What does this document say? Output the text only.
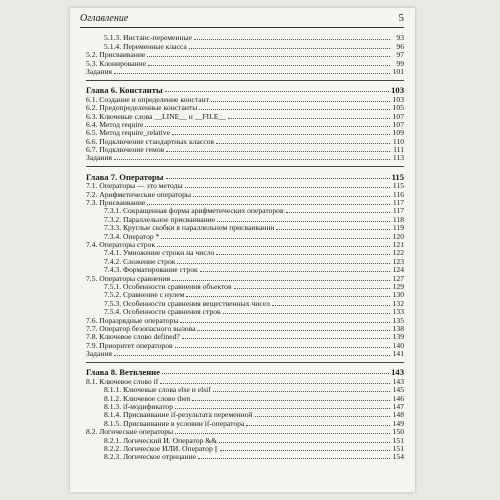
Оглавление	5
5.1.3. Инстанс-переменные	93
5.1.4. Переменные класса	96
5.2. Присваивание	97
5.3. Клонирование	99
Задания	101
Глава 6. Константы	103
6.1. Создание и определение констант	103
6.2. Предопределенные константы	105
6.3. Ключевые слова __LINE__ и __FILE__	107
6.4. Метод require	107
6.5. Метод require_relative	109
6.6. Подключение стандартных классов	110
6.7. Подключение гемов	111
Задания	113
Глава 7. Операторы	115
7.1. Операторы — это методы	115
7.2. Арифметические операторы	116
7.3. Присваивание	117
7.3.1. Сокращенная форма арифметических операторов	117
7.3.2. Параллельное присваивание	118
7.3.3. Круглые скобки в параллельном присваивании	119
7.3.4. Оператор *	120
7.4. Операторы строк	121
7.4.1. Умножение строки на число	122
7.4.2. Сложение строк	123
7.4.3. Форматирование строк	124
7.5. Операторы сравнения	127
7.5.1. Особенности сравнения объектов	129
7.5.2. Сравнение с нулем	130
7.5.3. Особенности сравнения вещественных чисел	132
7.5.4. Особенности сравнения строк	133
7.6. Поразрядные операторы	135
7.7. Оператор безопасного вызова	138
7.8. Ключевое слово defined?	139
7.9. Приоритет операторов	140
Задания	141
Глава 8. Ветвление	143
8.1. Ключевое слово if	143
8.1.1. Ключевые слова else и elsif	145
8.1.2. Ключевое слово then	146
8.1.3. if-модификатор	147
8.1.4. Присваивание if-результата переменной	148
8.1.5. Присваивание в условии if-оператора	149
8.2. Логические операторы	150
8.2.1. Логический И. Оператор &&	151
8.2.2. Логическое ИЛИ. Оператор ||	151
8.2.3. Логическое отрицание	154
